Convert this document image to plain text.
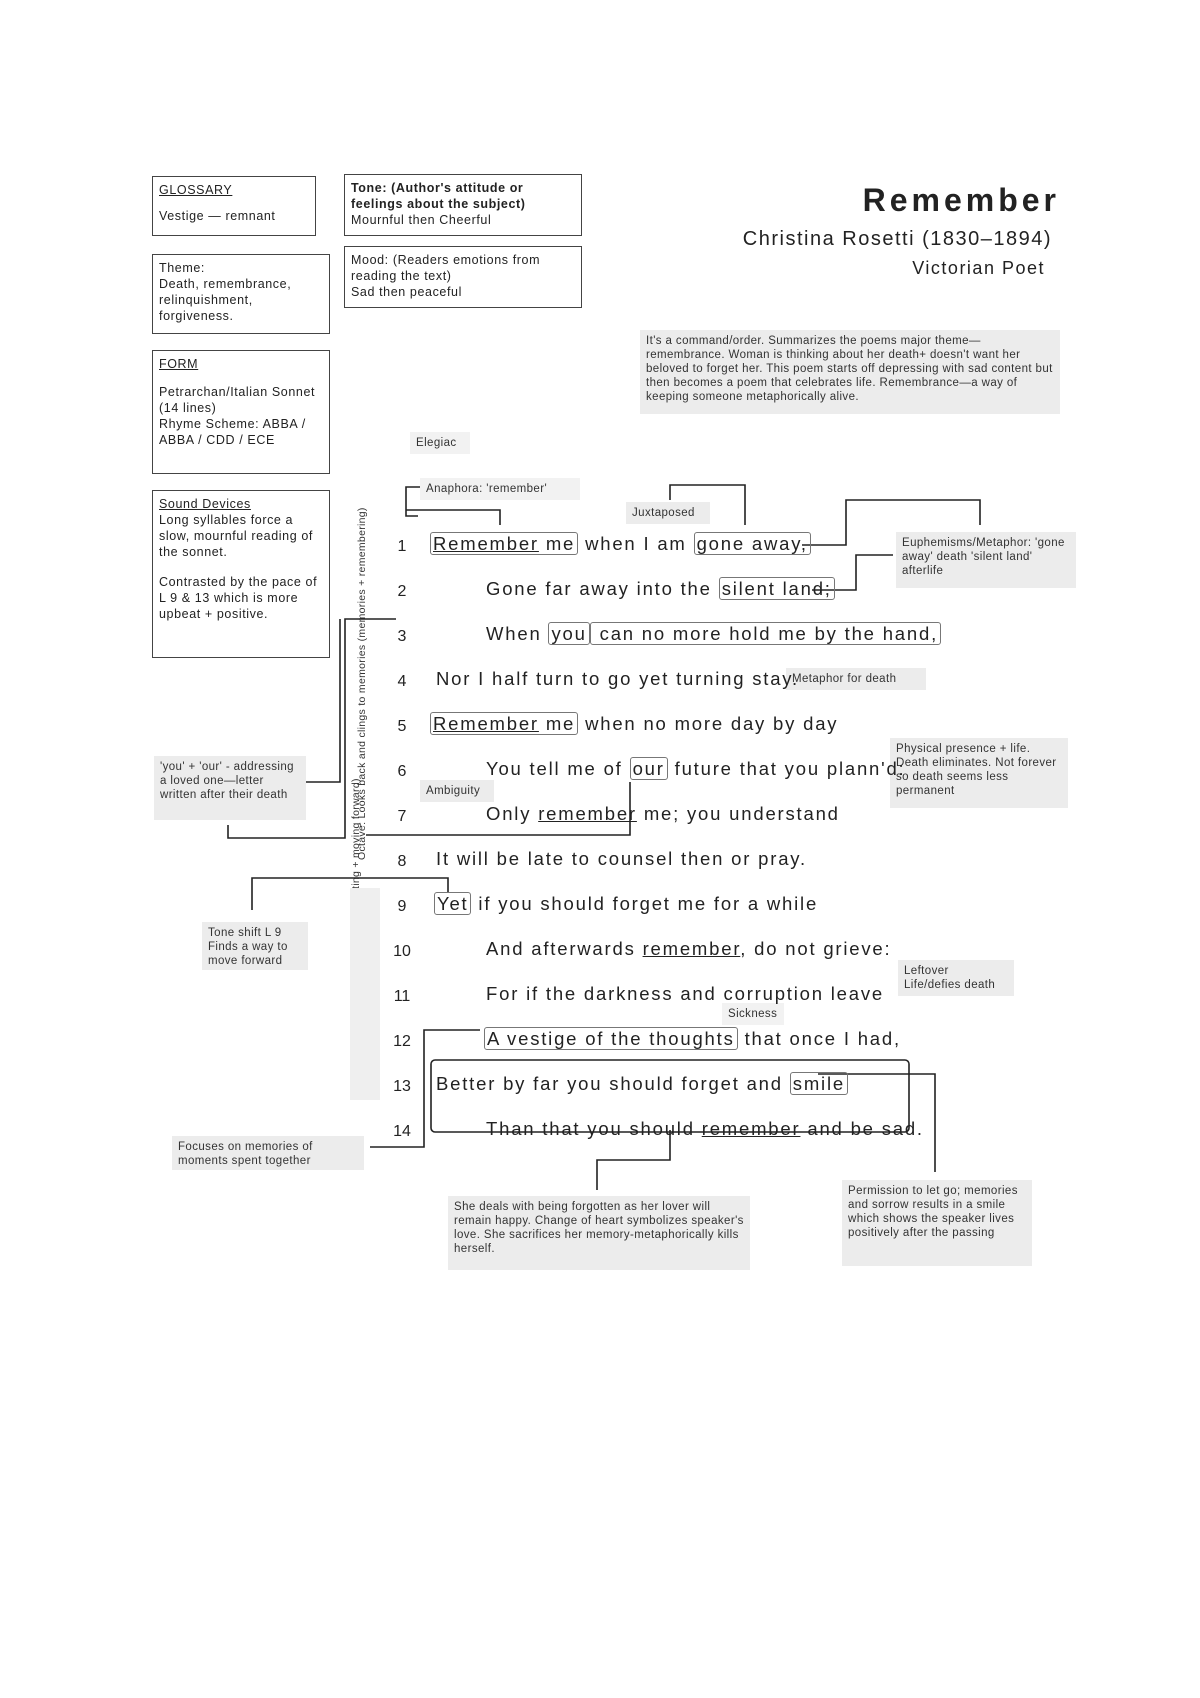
Remember
Christina Rosetti (1830–1894)
Victorian Poet
GLOSSARY
Vestige — remnant
Tone: (Author's attitude or feelings about the subject)
Mournful then Cheerful
Mood: (Readers emotions from reading the text)
Sad then peaceful
Theme:
Death, remembrance, relinquishment, forgiveness.
FORM
Petrarchan/Italian Sonnet (14 lines)
Rhyme Scheme: ABBA / ABBA / CDD / ECE
Sound Devices
Long syllables force a slow, mournful reading of the sonnet.
Contrasted by the pace of L 9 & 13 which is more upbeat + positive.
It's a command/order. Summarizes the poems major theme—remembrance. Woman is thinking about her death+ doesn't want her beloved to forget her. This poem starts off depressing with sad content but then becomes a poem that celebrates life. Remembrance—a way of keeping someone metaphorically alive.
Elegiac
Anaphora: 'remember'
Juxtaposed
Euphemisms/Metaphor: 'gone away' death 'silent land' afterlife
Metaphor for death
Physical presence + life. Death eliminates. Not forever so death seems less permanent
Ambiguity
'you' + 'our' - addressing a loved one—letter written after their death
Tone shift L 9 Finds a way to move forward
Leftover Life/defies death
Sickness
Focuses on memories of moments spent together
She deals with being forgotten as her lover will remain happy. Change of heart symbolizes speaker's love. She sacrifices her memory-metaphorically kills herself.
Permission to let go; memories and sorrow results in a smile which shows the speaker lives positively after the passing
Octave: Looks back and clings to memories (memories + remembering)	1 Remember me when I am gone away,
2	Gone far away into the silent land;
3	When you can no more hold me by the hand,
4 Nor I half turn to go yet turning stay.
5 Remember me when no more day by day
6	You tell me of our future that you plann'd:
7	Only remember me; you understand
8 It will be late to counsel then or pray.
9 Yet if you should forget me for a while
10	And afterwards remember, do not grieve:
11	For if the darkness and corruption leave
12	A vestige of the thoughts that once I had,
13 Better by far you should forget and smile
14	Than that you should remember and be sad.
